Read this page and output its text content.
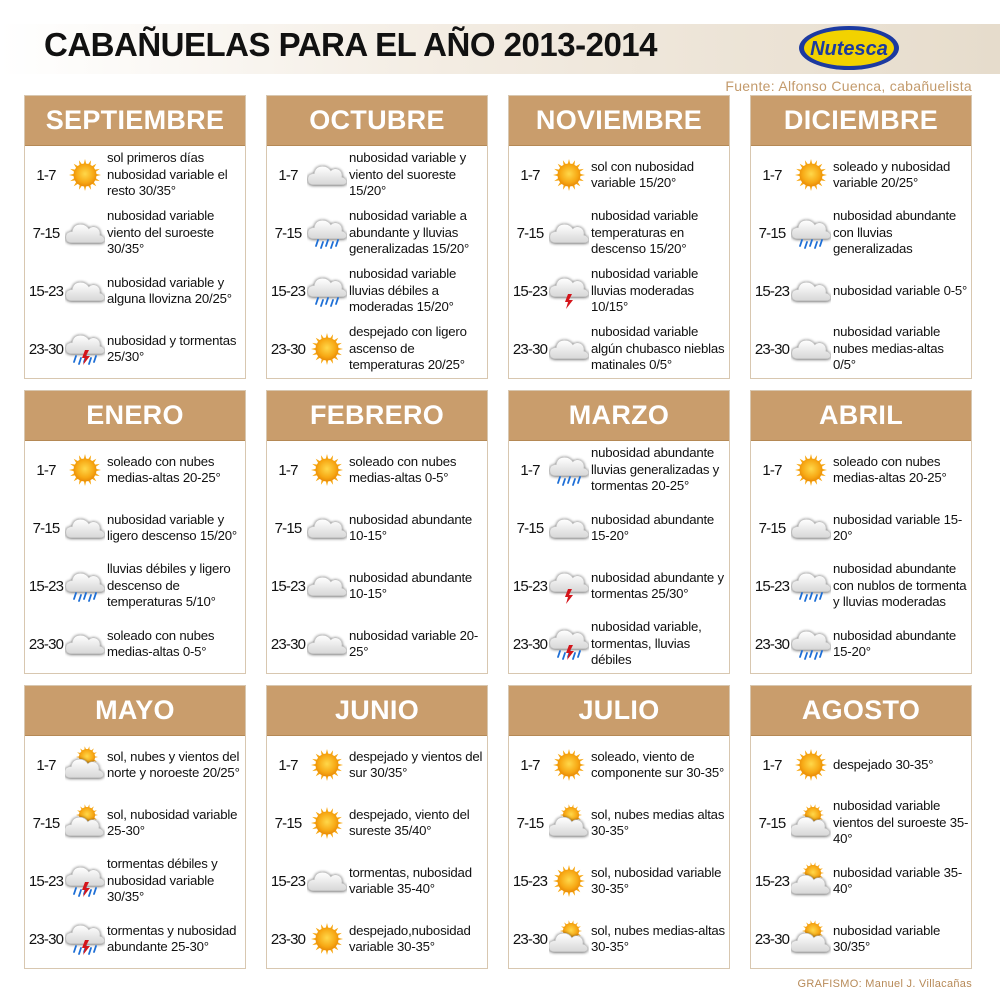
CABAÑUELAS PARA EL AÑO 2013-2014	Nutesca
Fuente: Alfonso Cuenca, cabañuelista
SEPTIEMBRE
1-7
sol primeros días nubosidad variable el resto 30/35°
7-15
nubosidad variable viento del suroeste 30/35°
15-23
nubosidad variable y alguna llovizna 20/25°
23-30
nubosidad y tormentas 25/30°
OCTUBRE
1-7
nubosidad variable y viento del suoreste 15/20°
7-15
nubosidad variable a abundante y lluvias generalizadas 15/20°
15-23
nubosidad variable lluvias débiles a moderadas 15/20°
23-30
despejado con ligero ascenso de temperaturas 20/25°
NOVIEMBRE
1-7
sol con nubosidad variable 15/20°
7-15
nubosidad variable temperaturas en descenso 15/20°
15-23
nubosidad variable lluvias moderadas 10/15°
23-30
nubosidad variable algún chubasco nieblas matinales 0/5°
DICIEMBRE
1-7
soleado y nubosidad variable 20/25°
7-15
nubosidad abundante con lluvias generalizadas
15-23	nubosidad variable 0-5°
23-30
nubosidad variable nubes medias-altas 0/5°
ENERO
1-7
soleado con nubes medias-altas 20-25°
7-15
nubosidad variable y ligero descenso 15/20°
15-23
lluvias débiles y ligero descenso de temperaturas 5/10°
23-30
soleado con nubes medias-altas 0-5°
FEBRERO
1-7
soleado con nubes medias-altas 0-5°
7-15
nubosidad abundante 10-15°
15-23
nubosidad abundante 10-15°
23-30
nubosidad variable 20-25°
MARZO
1-7
nubosidad abundante lluvias generalizadas y tormentas 20-25°
7-15
nubosidad abundante 15-20°
15-23
nubosidad abundante y tormentas 25/30°
23-30
nubosidad variable, tormentas, lluvias débiles
ABRIL
1-7
soleado con nubes medias-altas 20-25°
7-15
nubosidad variable 15-20°
15-23
nubosidad abundante con nublos de tormenta y lluvias moderadas
23-30
nubosidad abundante 15-20°
MAYO
1-7
sol, nubes y vientos del norte y noroeste 20/25°
7-15
sol, nubosidad variable 25-30°
15-23
tormentas débiles y nubosidad variable 30/35°
23-30
tormentas y nubosidad abundante 25-30°
JUNIO
1-7
despejado y vientos del sur 30/35°
7-15
despejado, viento del sureste 35/40°
15-23
tormentas, nubosidad variable 35-40°
23-30
despejado,nubosidad variable 30-35°
JULIO
1-7
soleado, viento de componente sur 30-35°
7-15
sol, nubes medias altas 30-35°
15-23
sol, nubosidad variable 30-35°
23-30
sol, nubes medias-altas 30-35°
AGOSTO
1-7	despejado 30-35°
7-15
nubosidad variable vientos del suroeste 35-40°
15-23
nubosidad variable 35-40°
23-30
nubosidad variable 30/35°
GRAFISMO: Manuel J. Villacañas
